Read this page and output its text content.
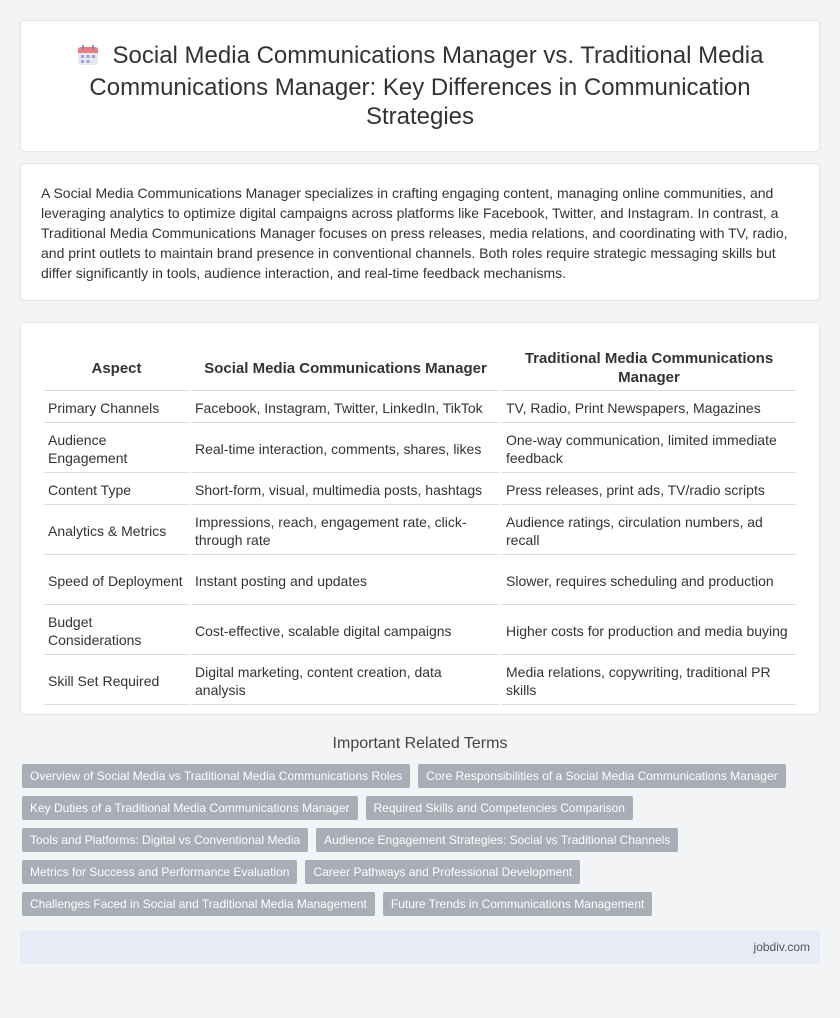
Social Media Communications Manager vs. Traditional Media Communications Manager: Key Differences in Communication Strategies

A Social Media Communications Manager specializes in crafting engaging content, managing online communities, and leveraging analytics to optimize digital campaigns across platforms like Facebook, Twitter, and Instagram. In contrast, a Traditional Media Communications Manager focuses on press releases, media relations, and coordinating with TV, radio, and print outlets to maintain brand presence in conventional channels. Both roles require strategic messaging skills but differ significantly in tools, audience interaction, and real-time feedback mechanisms.

Aspect	Social Media Communications Manager	Traditional Media Communications Manager
Primary Channels	Facebook, Instagram, Twitter, LinkedIn, TikTok	TV, Radio, Print Newspapers, Magazines
Audience Engagement	Real-time interaction, comments, shares, likes	One-way communication, limited immediate feedback
Content Type	Short-form, visual, multimedia posts, hashtags	Press releases, print ads, TV/radio scripts
Analytics & Metrics	Impressions, reach, engagement rate, click-through rate	Audience ratings, circulation numbers, ad recall
Speed of Deployment	Instant posting and updates	Slower, requires scheduling and production
Budget Considerations	Cost-effective, scalable digital campaigns	Higher costs for production and media buying
Skill Set Required	Digital marketing, content creation, data analysis	Media relations, copywriting, traditional PR skills
Important Related Terms
Overview of Social Media vs Traditional Media Communications Roles	Core Responsibilities of a Social Media Communications Manager
Key Duties of a Traditional Media Communications Manager	Required Skills and Competencies Comparison
Tools and Platforms: Digital vs Conventional Media	Audience Engagement Strategies: Social vs Traditional Channels
Metrics for Success and Performance Evaluation	Career Pathways and Professional Development
Challenges Faced in Social and Traditional Media Management	Future Trends in Communications Management
jobdiv.com
